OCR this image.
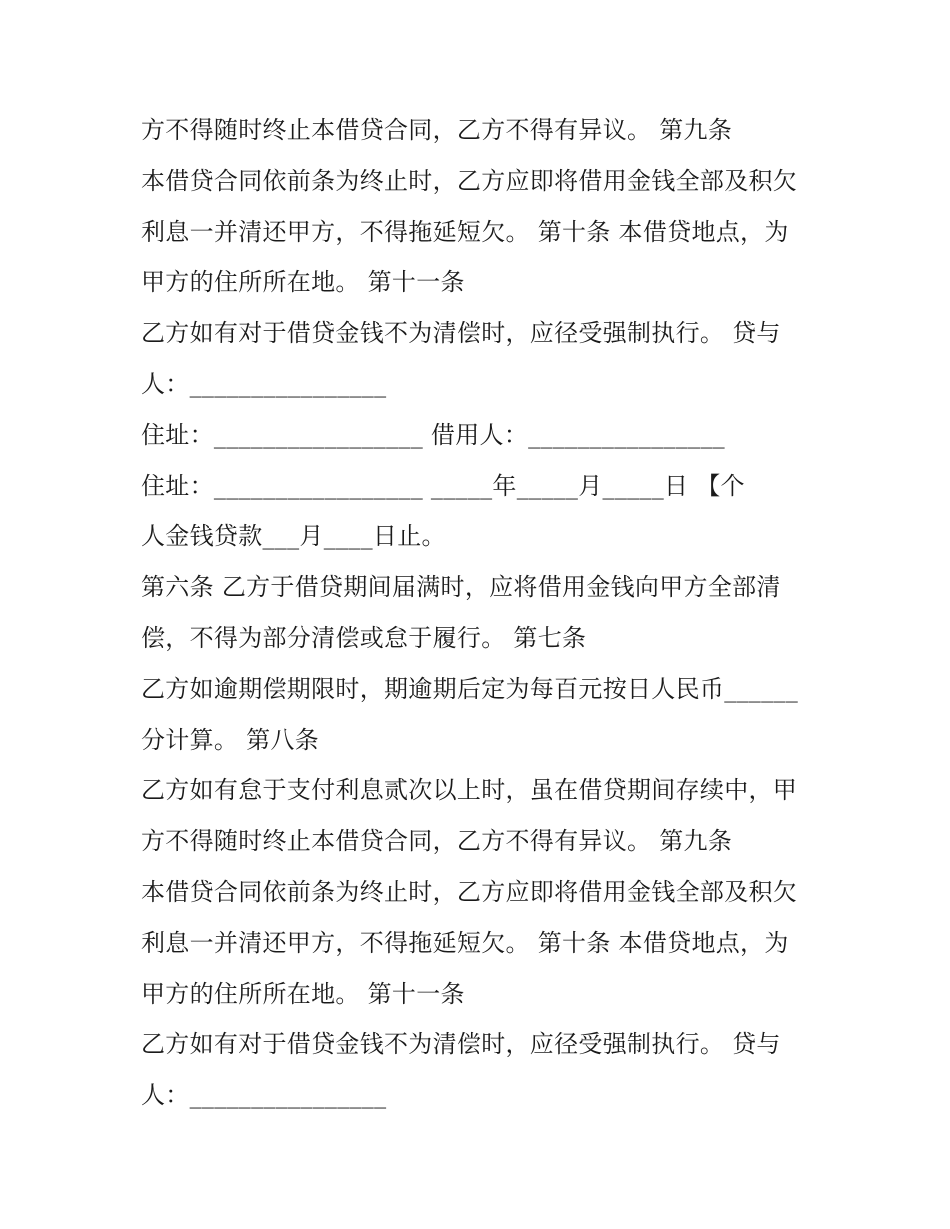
方不得随时终止本借贷合同，乙方不得有异议。 第九条
本借贷合同依前条为终止时，乙方应即将借用金钱全部及积欠
利息一并清还甲方，不得拖延短欠。 第十条 本借贷地点，为
甲方的住所所在地。 第十一条
乙方如有对于借贷金钱不为清偿时，应径受强制执行。 贷与
人：________________
住址：_________________ 借用人：________________
住址：_________________ _____年_____月_____日 【个
人金钱贷款___月____日止。
第六条 乙方于借贷期间届满时，应将借用金钱向甲方全部清
偿，不得为部分清偿或怠于履行。 第七条
乙方如逾期偿期限时，期逾期后定为每百元按日人民币______
分计算。 第八条
乙方如有怠于支付利息贰次以上时，虽在借贷期间存续中，甲
方不得随时终止本借贷合同，乙方不得有异议。 第九条
本借贷合同依前条为终止时，乙方应即将借用金钱全部及积欠
利息一并清还甲方，不得拖延短欠。 第十条 本借贷地点，为
甲方的住所所在地。 第十一条
乙方如有对于借贷金钱不为清偿时，应径受强制执行。 贷与
人：________________
